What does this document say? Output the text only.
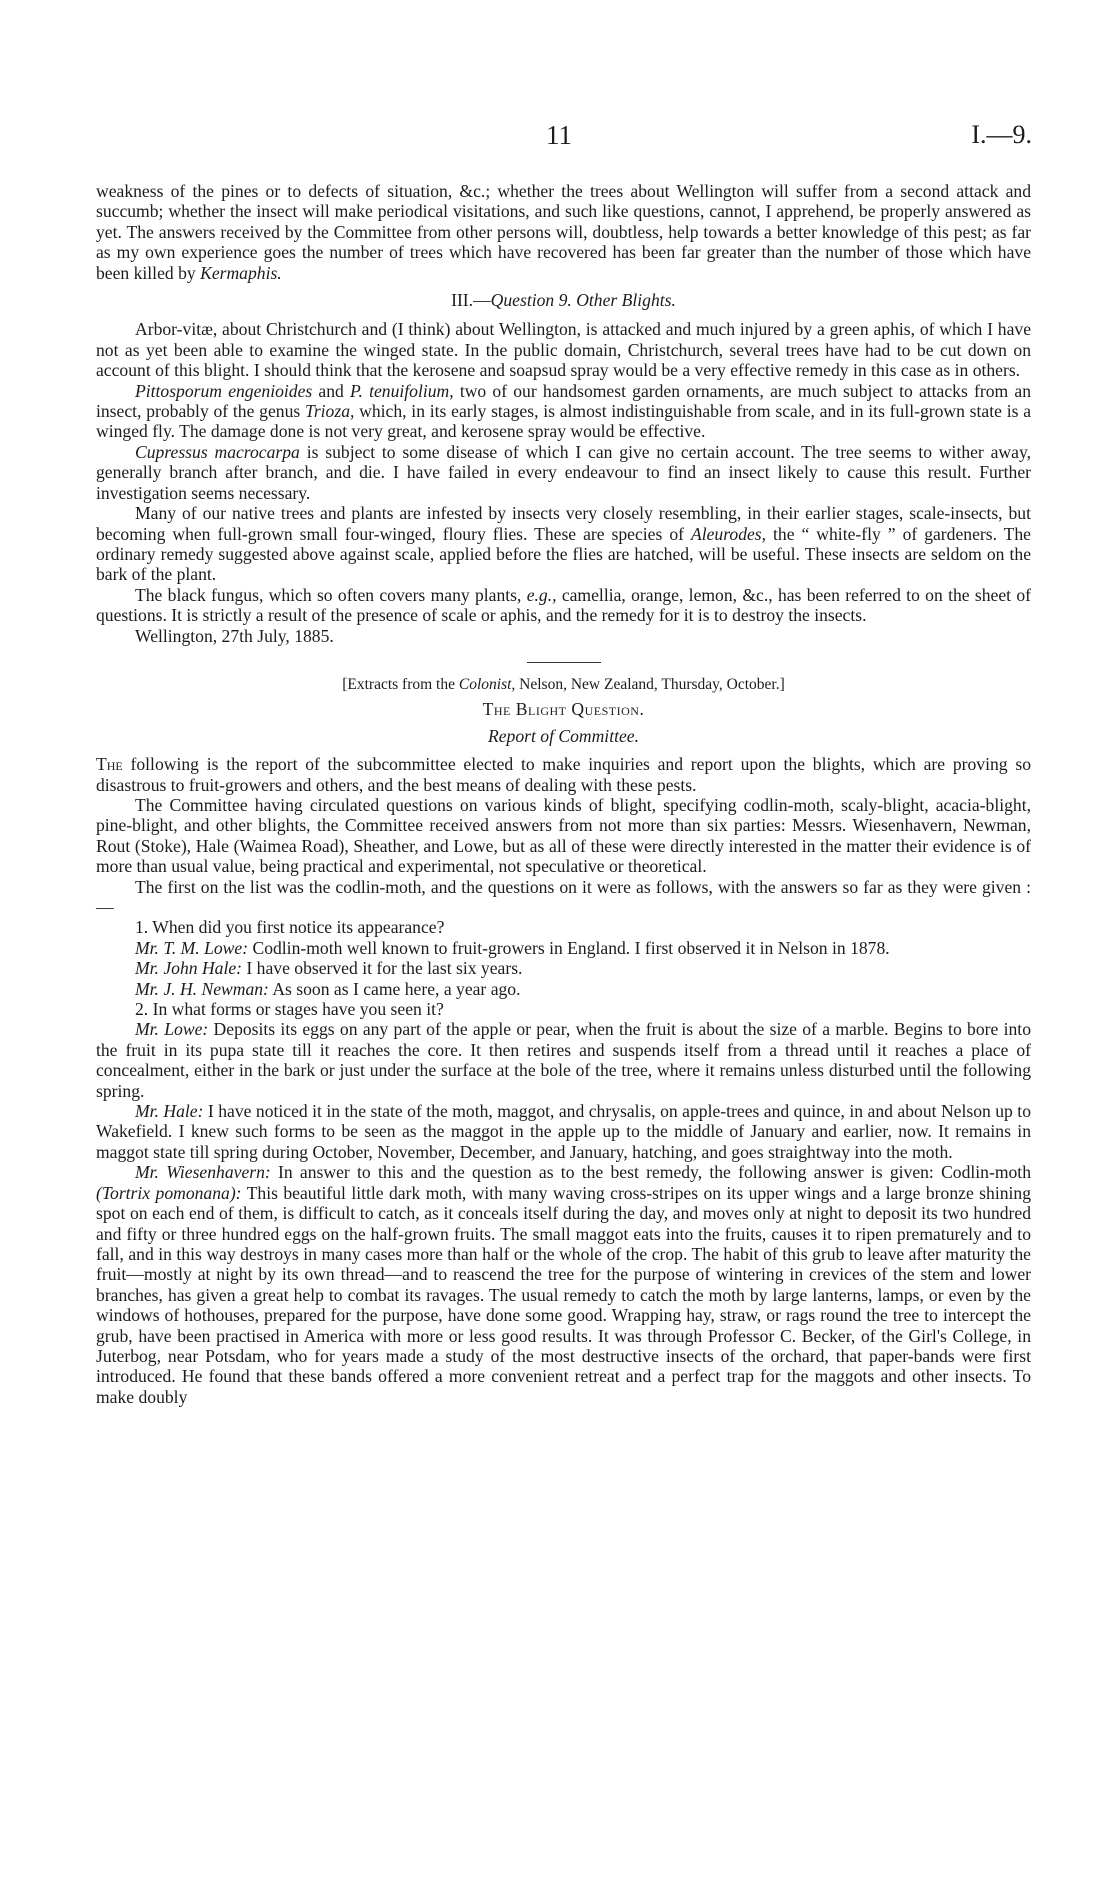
11	I.—9.

weakness of the pines or to defects of situation, &c.; whether the trees about Wellington will suffer from a second attack and succumb; whether the insect will make periodical visitations, and such like questions, cannot, I apprehend, be properly answered as yet. The answers received by the Committee from other persons will, doubtless, help towards a better knowledge of this pest; as far as my own experience goes the number of trees which have recovered has been far greater than the number of those which have been killed by Kermaphis.

III.—Question 9. Other Blights.

Arbor-vitæ, about Christchurch and (I think) about Wellington, is attacked and much injured by a green aphis, of which I have not as yet been able to examine the winged state. In the public domain, Christchurch, several trees have had to be cut down on account of this blight. I should think that the kerosene and soapsud spray would be a very effective remedy in this case as in others.

Pittosporum engenioides and P. tenuifolium, two of our handsomest garden ornaments, are much subject to attacks from an insect, probably of the genus Trioza, which, in its early stages, is almost indistinguishable from scale, and in its full-grown state is a winged fly. The damage done is not very great, and kerosene spray would be effective.

Cupressus macrocarpa is subject to some disease of which I can give no certain account. The tree seems to wither away, generally branch after branch, and die. I have failed in every endeavour to find an insect likely to cause this result. Further investigation seems necessary.

Many of our native trees and plants are infested by insects very closely resembling, in their earlier stages, scale-insects, but becoming when full-grown small four-winged, floury flies. These are species of Aleurodes, the “ white-fly ” of gardeners. The ordinary remedy suggested above against scale, applied before the flies are hatched, will be useful. These insects are seldom on the bark of the plant.

The black fungus, which so often covers many plants, e.g., camellia, orange, lemon, &c., has been referred to on the sheet of questions. It is strictly a result of the presence of scale or aphis, and the remedy for it is to destroy the insects.

Wellington, 27th July, 1885.

[Extracts from the Colonist, Nelson, New Zealand, Thursday, October.]

The Blight Question.

Report of Committee.

The following is the report of the subcommittee elected to make inquiries and report upon the blights, which are proving so disastrous to fruit-growers and others, and the best means of dealing with these pests.

The Committee having circulated questions on various kinds of blight, specifying codlin-moth, scaly-blight, acacia-blight, pine-blight, and other blights, the Committee received answers from not more than six parties: Messrs. Wiesenhavern, Newman, Rout (Stoke), Hale (Waimea Road), Sheather, and Lowe, but as all of these were directly interested in the matter their evidence is of more than usual value, being practical and experimental, not speculative or theoretical.

The first on the list was the codlin-moth, and the questions on it were as follows, with the answers so far as they were given :—

1. When did you first notice its appearance?

Mr. T. M. Lowe: Codlin-moth well known to fruit-growers in England. I first observed it in Nelson in 1878.

Mr. John Hale: I have observed it for the last six years.

Mr. J. H. Newman: As soon as I came here, a year ago.

2. In what forms or stages have you seen it?

Mr. Lowe: Deposits its eggs on any part of the apple or pear, when the fruit is about the size of a marble. Begins to bore into the fruit in its pupa state till it reaches the core. It then retires and suspends itself from a thread until it reaches a place of concealment, either in the bark or just under the surface at the bole of the tree, where it remains unless disturbed until the following spring.

Mr. Hale: I have noticed it in the state of the moth, maggot, and chrysalis, on apple-trees and quince, in and about Nelson up to Wakefield. I knew such forms to be seen as the maggot in the apple up to the middle of January and earlier, now. It remains in maggot state till spring during October, November, December, and January, hatching, and goes straightway into the moth.

Mr. Wiesenhavern: In answer to this and the question as to the best remedy, the following answer is given: Codlin-moth (Tortrix pomonana): This beautiful little dark moth, with many waving cross-stripes on its upper wings and a large bronze shining spot on each end of them, is difficult to catch, as it conceals itself during the day, and moves only at night to deposit its two hundred and fifty or three hundred eggs on the half-grown fruits. The small maggot eats into the fruits, causes it to ripen prematurely and to fall, and in this way destroys in many cases more than half or the whole of the crop. The habit of this grub to leave after maturity the fruit—mostly at night by its own thread—and to reascend the tree for the purpose of wintering in crevices of the stem and lower branches, has given a great help to combat its ravages. The usual remedy to catch the moth by large lanterns, lamps, or even by the windows of hothouses, prepared for the purpose, have done some good. Wrapping hay, straw, or rags round the tree to intercept the grub, have been practised in America with more or less good results. It was through Professor C. Becker, of the Girl's College, in Juterbog, near Potsdam, who for years made a study of the most destructive insects of the orchard, that paper-bands were first introduced. He found that these bands offered a more convenient retreat and a perfect trap for the maggots and other insects. To make doubly
